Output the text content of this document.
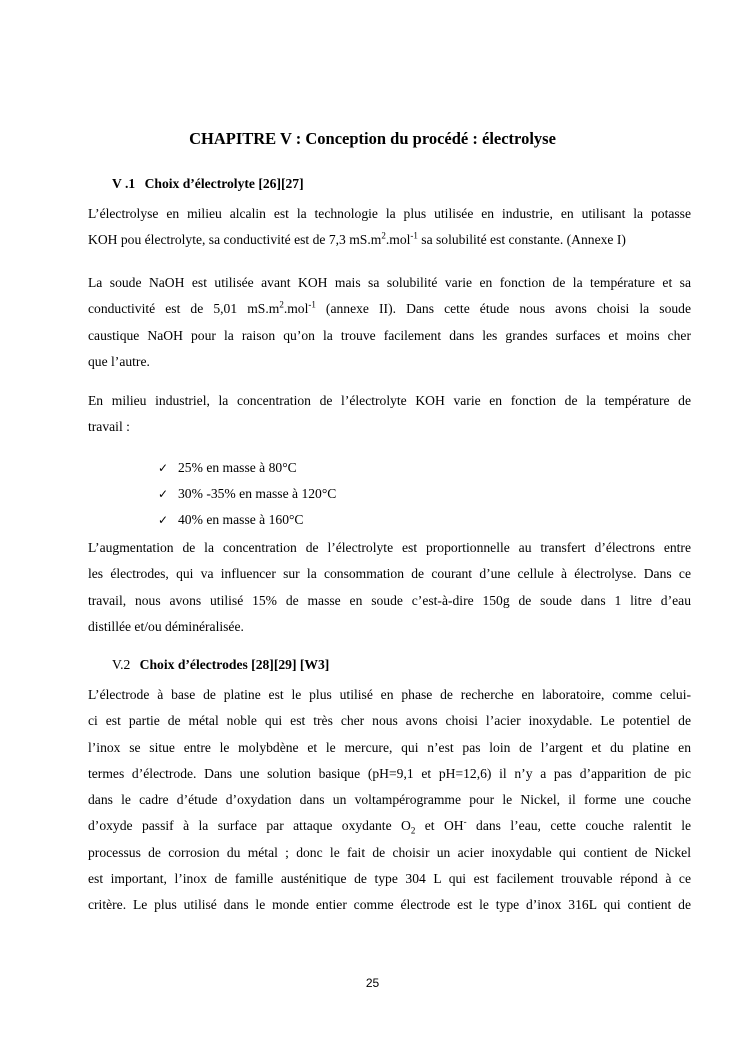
CHAPITRE V : Conception du procédé : électrolyse
V .1 Choix d’électrolyte [26][27]
L’électrolyse en milieu alcalin est la technologie la plus utilisée en industrie, en utilisant la potasse
KOH pou électrolyte, sa conductivité est de 7,3 $mS.m^2.mol^{-1}$ sa solubilité est constante. (Annexe I)
La soude NaOH est utilisée avant KOH mais sa solubilité varie en fonction de la température et sa
conductivité est de 5,01 $mS.m^2.mol^{-1}$ (annexe II). Dans cette étude nous avons choisi la soude
caustique NaOH pour la raison qu’on la trouve facilement dans les grandes surfaces et moins cher
que l’autre.
En milieu industriel, la concentration de l’électrolyte KOH varie en fonction de la température de
travail :
✓ 25% en masse à 80°C
✓ 30% -35% en masse à 120°C
✓ 40% en masse à 160°C
L’augmentation de la concentration de l’électrolyte est proportionnelle au transfert d’électrons entre
les électrodes, qui va influencer sur la consommation de courant d’une cellule à électrolyse. Dans ce
travail, nous avons utilisé 15% de masse en soude c’est-à-dire 150g de soude dans 1 litre d’eau
distillée et/ou déminéralisée.
V.2 Choix d’électrodes [28][29] [W3]
L’électrode à base de platine est le plus utilisé en phase de recherche en laboratoire, comme celui-
ci est partie de métal noble qui est très cher nous avons choisi l’acier inoxydable. Le potentiel de
l’inox se situe entre le molybdène et le mercure, qui n’est pas loin de l’argent et du platine en
termes d’électrode. Dans une solution basique (pH=9,1 et pH=12,6) il n’y a pas d’apparition de pic
dans le cadre d’étude d’oxydation dans un voltampérogramme pour le Nickel, il forme une couche
d’oxyde passif à la surface par attaque oxydante $O_2$ et OH- dans l’eau, cette couche ralentit le
processus de corrosion du métal ; donc le fait de choisir un acier inoxydable qui contient de Nickel
est important, l’inox de famille austénitique de type 304 L qui est facilement trouvable répond à ce
critère. Le plus utilisé dans le monde entier comme électrode est le type d’inox 316L qui contient de
25
